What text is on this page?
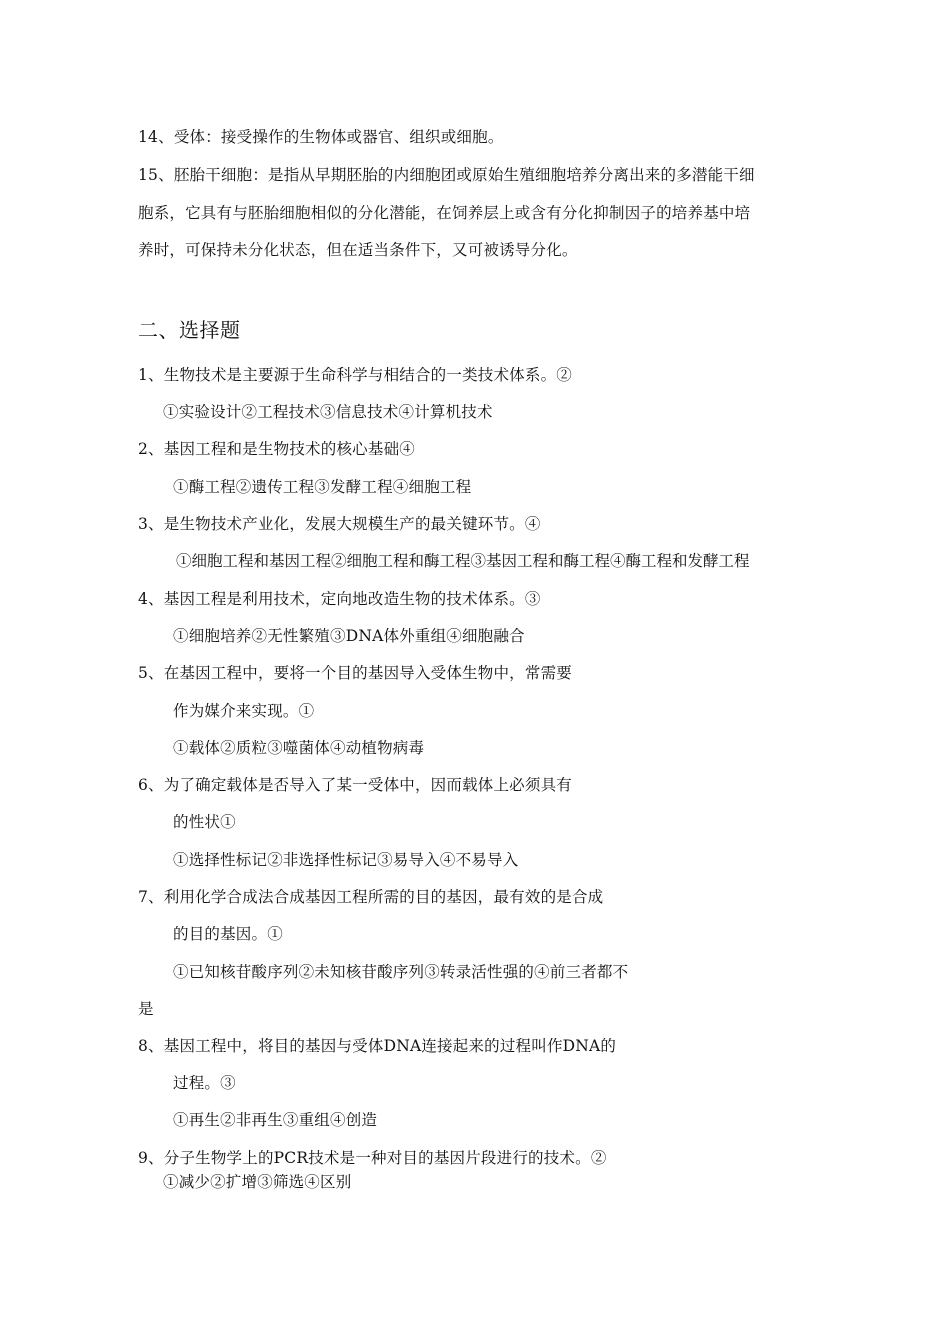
14、受体：接受操作的生物体或器官、组织或细胞。
15、胚胎干细胞：是指从早期胚胎的内细胞团或原始生殖细胞培养分离出来的多潜能干细
胞系，它具有与胚胎细胞相似的分化潜能，在饲养层上或含有分化抑制因子的培养基中培
养时，可保持未分化状态，但在适当条件下，又可被诱导分化。
二、选择题
1、生物技术是主要源于生命科学与相结合的一类技术体系。②
①实验设计②工程技术③信息技术④计算机技术
2、基因工程和是生物技术的核心基础④
①酶工程②遗传工程③发酵工程④细胞工程
3、是生物技术产业化，发展大规模生产的最关键环节。④
①细胞工程和基因工程②细胞工程和酶工程③基因工程和酶工程④酶工程和发酵工程
4、基因工程是利用技术，定向地改造生物的技术体系。③
①细胞培养②无性繁殖③DNA体外重组④细胞融合
5、在基因工程中，要将一个目的基因导入受体生物中，常需要
作为媒介来实现。①
①载体②质粒③噬菌体④动植物病毒
6、为了确定载体是否导入了某一受体中，因而载体上必须具有
的性状①
①选择性标记②非选择性标记③易导入④不易导入
7、利用化学合成法合成基因工程所需的目的基因，最有效的是合成
的目的基因。①
①已知核苷酸序列②未知核苷酸序列③转录活性强的④前三者都不
是
8、基因工程中，将目的基因与受体DNA连接起来的过程叫作DNA的
过程。③
①再生②非再生③重组④创造
9、分子生物学上的PCR技术是一种对目的基因片段进行的技术。②
①减少②扩增③筛选④区别
